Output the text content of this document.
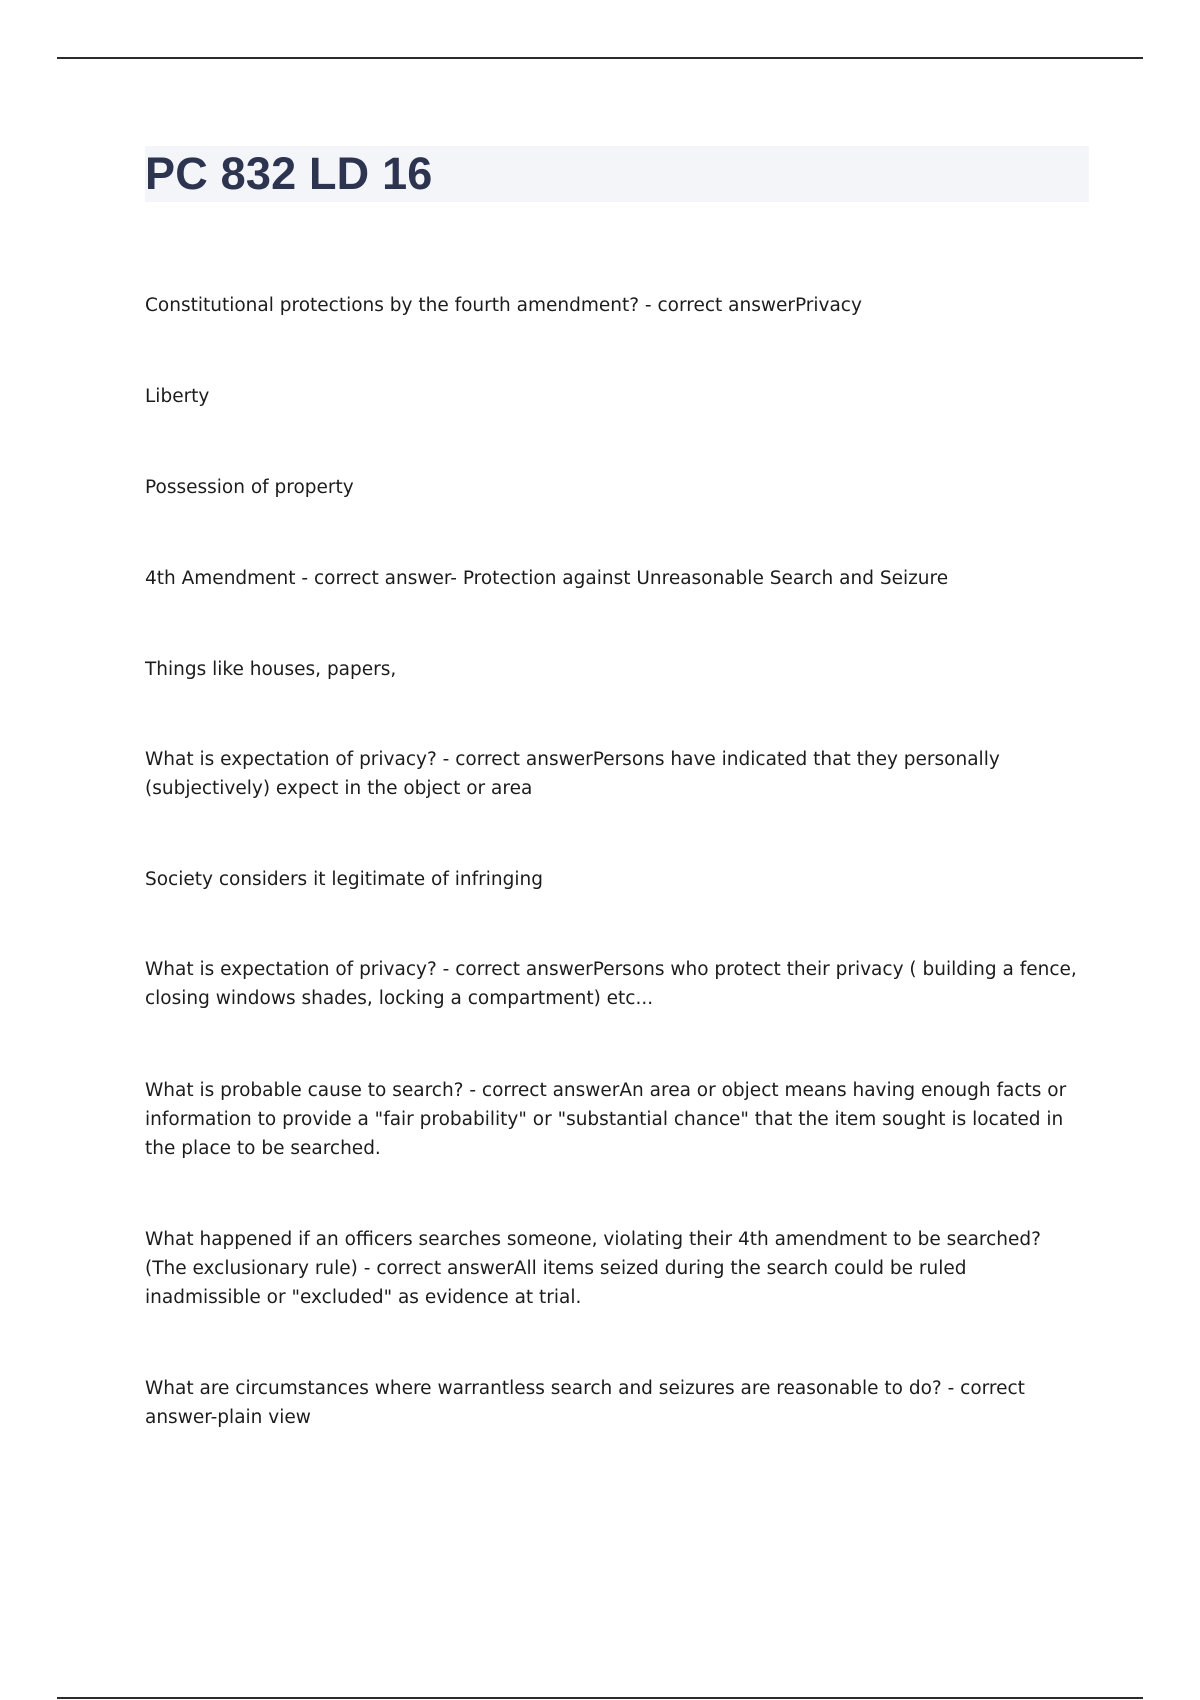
PC 832 LD 16

Constitutional protections by the fourth amendment? - correct answerPrivacy

Liberty

Possession of property

4th Amendment - correct answer- Protection against Unreasonable Search and Seizure

Things like houses, papers,

What is expectation of privacy? - correct answerPersons have indicated that they personally (subjectively) expect in the object or area

Society considers it legitimate of infringing

What is expectation of privacy? - correct answerPersons who protect their privacy ( building a fence, closing windows shades, locking a compartment) etc...

What is probable cause to search? - correct answerAn area or object means having enough facts or information to provide a "fair probability" or "substantial chance" that the item sought is located in the place to be searched.

What happened if an officers searches someone, violating their 4th amendment to be searched? (The exclusionary rule) - correct answerAll items seized during the search could be ruled inadmissible or "excluded" as evidence at trial.

What are circumstances where warrantless search and seizures are reasonable to do? - correct answer-plain view
